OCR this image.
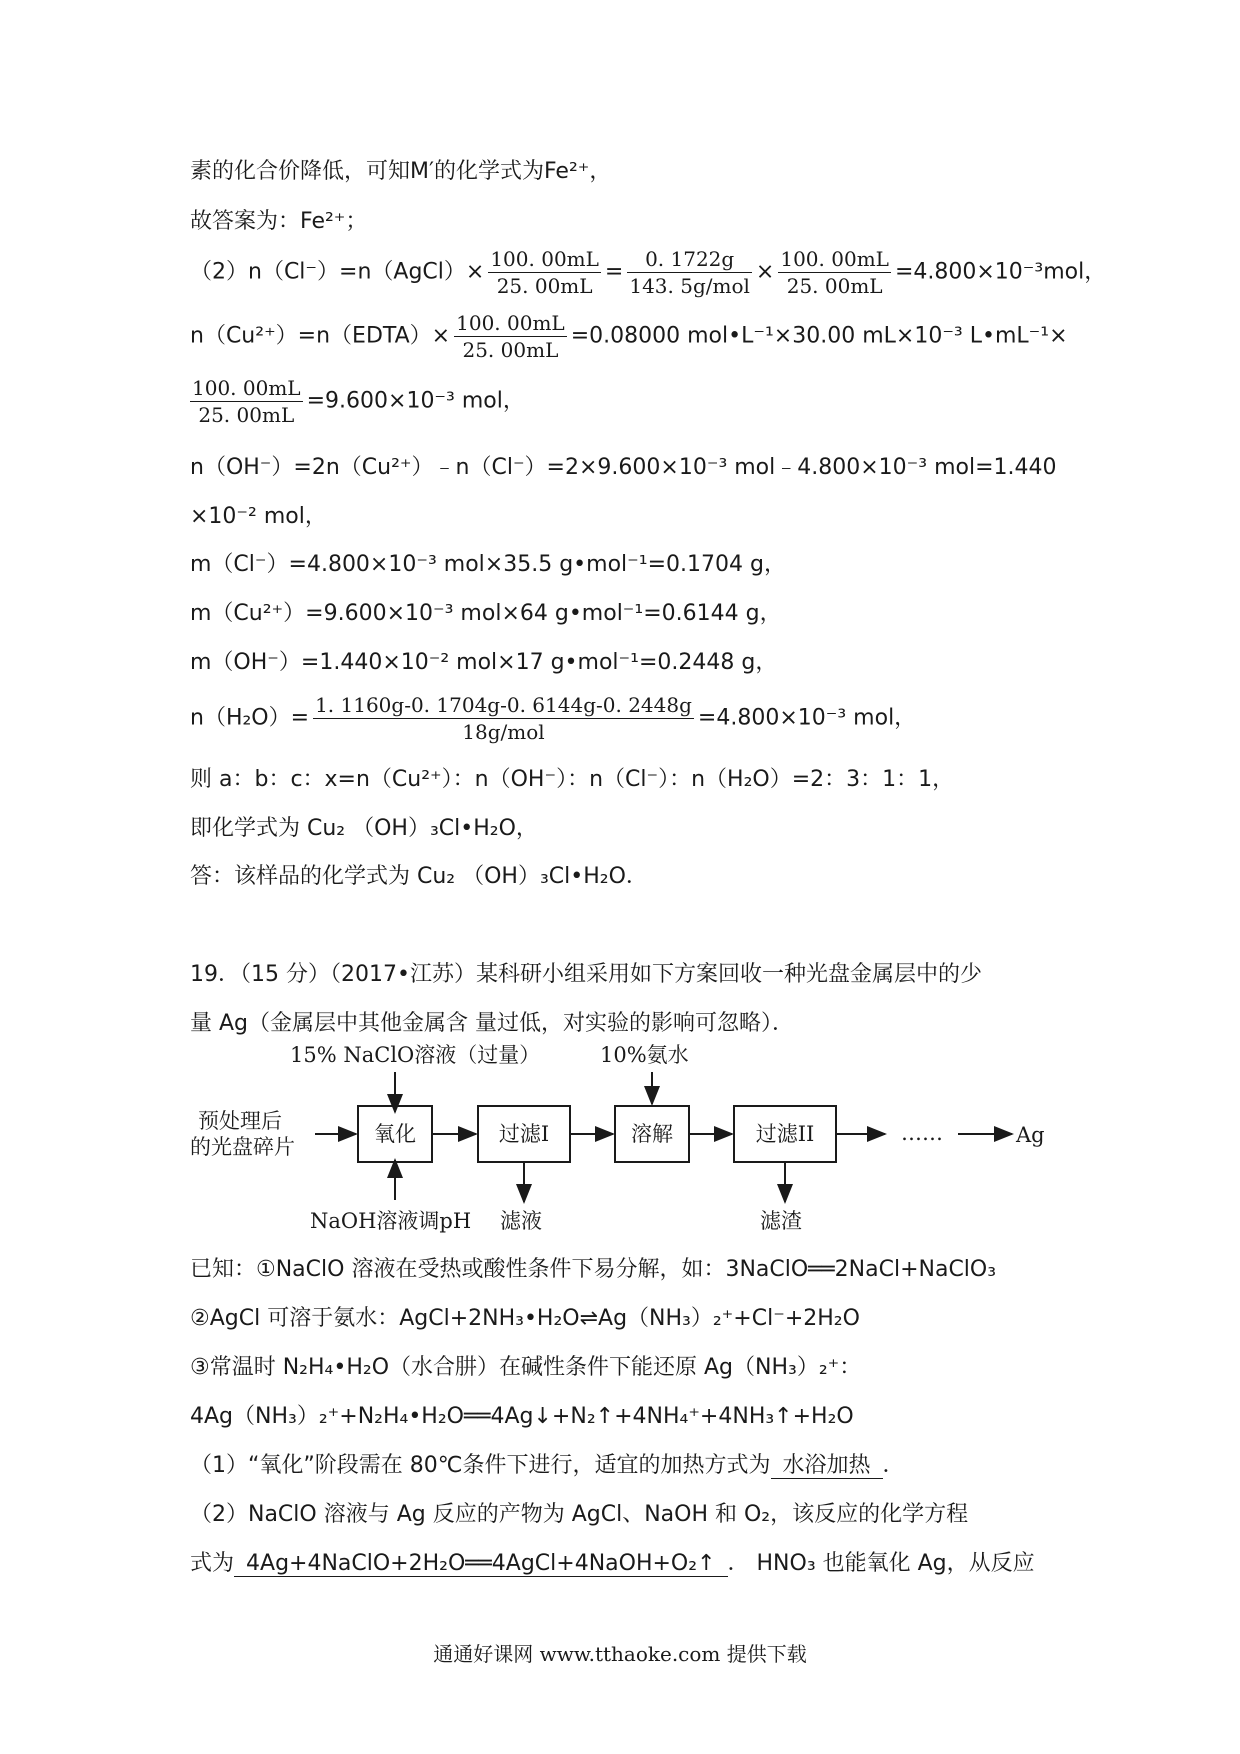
素的化合价降低，可知M′的化学式为Fe²⁺，
故答案为：Fe²⁺；
（2）n（Cl⁻）=n（AgCl）× $\frac{100. 00mL}{25. 00mL} = \frac{0. 1722g}{\text{143. 5g/mol}} \times \frac{100. 00mL}{25. 00mL} =4.800\times 10^{-3}mol$，
n（Cu²⁺）=n（EDTA）× $\frac{100. 00mL}{25. 00mL} =0.08000$ mol•L⁻¹×30.00 mL×10⁻³ L•mL⁻¹×
$\frac{100. 00mL}{25. 00mL} =9.600\times 10^{-3}$ mol，
n（OH⁻）=2n（Cu²⁺）﹣n（Cl⁻）=2×9.600×10⁻³ mol﹣4.800×10⁻³ mol=1.440
×10⁻² mol，
m（Cl⁻）=4.800×10⁻³ mol×35.5 g•mol⁻¹=0.1704 g，
m（Cu²⁺）=9.600×10⁻³ mol×64 g•mol⁻¹=0.6144 g，
m（OH⁻）=1.440×10⁻² mol×17 g•mol⁻¹=0.2448 g，
$n(H_2O)= \frac{1. 1160g-0. 1704g-0. 6144g-0. 2448g}{\text{18g/mol}} =4.800\times 10^{-3}$ mol，
则 a：b：c：x=n（Cu²⁺）：n（OH⁻）：n（Cl⁻）：n（H₂O）=2：3：1：1，
即化学式为 Cu₂ （OH）₃Cl•H₂O，
答：该样品的化学式为 Cu₂ （OH）₃Cl•H₂O．
19．（15 分）（2017•江苏）某科研小组采用如下方案回收一种光盘金属层中的少
量 Ag（金属层中其他金属含 量过低，对实验的影响可忽略）．
15% NaClO溶液（过量）	10%氨水
预处理后
的光盘碎片
氧化	过滤I	溶解	过滤II	……	Ag
NaOH溶液调pH 滤液	滤渣
已知：①NaClO 溶液在受热或酸性条件下易分解，如：3NaClO══2NaCl+NaClO₃
②AgCl 可溶于氨水：AgCl+2NH₃•H₂O⇌Ag（NH₃）₂⁺+Cl⁻+2H₂O
③常温时 N₂H₄•H₂O（水合肼）在碱性条件下能还原 Ag（NH₃）₂⁺：
4Ag（NH₃）₂⁺+N₂H₄•H₂O══4Ag↓+N₂↑+4NH₄⁺+4NH₃↑+H₂O
（1）“氧化”阶段需在 80℃条件下进行，适宜的加热方式为 水浴加热 ．
（2）NaClO 溶液与 Ag 反应的产物为 AgCl、NaOH 和 O₂，该反应的化学方程
式为 4Ag+4NaClO+2H₂O══4AgCl+4NaOH+O₂↑ ． HNO₃ 也能氧化 Ag，从反应
通通好课网 www.tthaoke.com 提供下载
